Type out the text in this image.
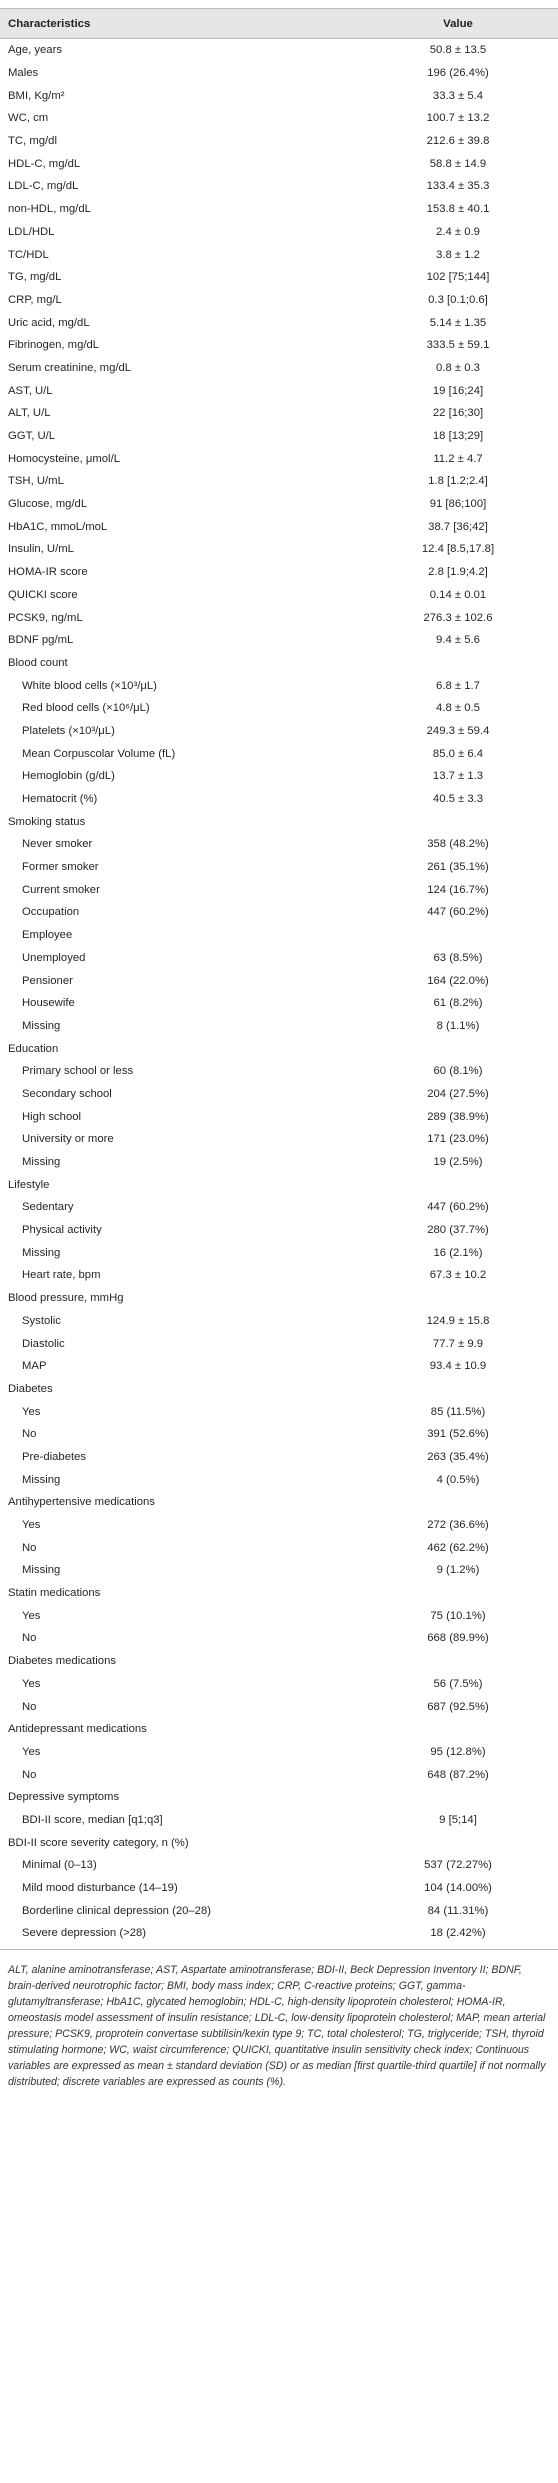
Characteristics	Value
Age, years	50.8 ± 13.5
Males	196 (26.4%)
BMI, Kg/m²	33.3 ± 5.4
WC, cm	100.7 ± 13.2
TC, mg/dl	212.6 ± 39.8
HDL-C, mg/dL	58.8 ± 14.9
LDL-C, mg/dL	133.4 ± 35.3
non-HDL, mg/dL	153.8 ± 40.1
LDL/HDL	2.4 ± 0.9
TC/HDL	3.8 ± 1.2
TG, mg/dL	102 [75;144]
CRP, mg/L	0.3 [0.1;0.6]
Uric acid, mg/dL	5.14 ± 1.35
Fibrinogen, mg/dL	333.5 ± 59.1
Serum creatinine, mg/dL	0.8 ± 0.3
AST, U/L	19 [16;24]
ALT, U/L	22 [16;30]
GGT, U/L	18 [13;29]
Homocysteine, μmol/L	11.2 ± 4.7
TSH, U/mL	1.8 [1.2;2.4]
Glucose, mg/dL	91 [86;100]
HbA1C, mmoL/moL	38.7 [36;42]
Insulin, U/mL	12.4 [8.5,17.8]
HOMA-IR score	2.8 [1.9;4.2]
QUICKI score	0.14 ± 0.01
PCSK9, ng/mL	276.3 ± 102.6
BDNF pg/mL	9.4 ± 5.6
Blood count
White blood cells (×10³/μL)	6.8 ± 1.7
Red blood cells (×10⁶/μL)	4.8 ± 0.5
Platelets (×10³/μL)	249.3 ± 59.4
Mean Corpuscolar Volume (fL)	85.0 ± 6.4
Hemoglobin (g/dL)	13.7 ± 1.3
Hematocrit (%)	40.5 ± 3.3
Smoking status
Never smoker	358 (48.2%)
Former smoker	261 (35.1%)
Current smoker	124 (16.7%)
Occupation	447 (60.2%)
Employee
Unemployed	63 (8.5%)
Pensioner	164 (22.0%)
Housewife	61 (8.2%)
Missing	8 (1.1%)
Education
Primary school or less	60 (8.1%)
Secondary school	204 (27.5%)
High school	289 (38.9%)
University or more	171 (23.0%)
Missing	19 (2.5%)
Lifestyle
Sedentary	447 (60.2%)
Physical activity	280 (37.7%)
Missing	16 (2.1%)
Heart rate, bpm	67.3 ± 10.2
Blood pressure, mmHg
Systolic	124.9 ± 15.8
Diastolic	77.7 ± 9.9
MAP	93.4 ± 10.9
Diabetes
Yes	85 (11.5%)
No	391 (52.6%)
Pre-diabetes	263 (35.4%)
Missing	4 (0.5%)
Antihypertensive medications
Yes	272 (36.6%)
No	462 (62.2%)
Missing	9 (1.2%)
Statin medications
Yes	75 (10.1%)
No	668 (89.9%)
Diabetes medications
Yes	56 (7.5%)
No	687 (92.5%)
Antidepressant medications
Yes	95 (12.8%)
No	648 (87.2%)
Depressive symptoms
BDI-II score, median [q1;q3]	9 [5;14]
BDI-II score severity category, n (%)
Minimal (0–13)	537 (72.27%)
Mild mood disturbance (14–19)	104 (14.00%)
Borderline clinical depression (20–28)	84 (11.31%)
Severe depression (>28)	18 (2.42%)
ALT, alanine aminotransferase; AST, Aspartate aminotransferase; BDI-II, Beck Depression Inventory II; BDNF, brain-derived neurotrophic factor; BMI, body mass index; CRP, C-reactive proteins; GGT, gamma-glutamyltransferase; HbA1C, glycated hemoglobin; HDL-C, high-density lipoprotein cholesterol; HOMA-IR, omeostasis model assessment of insulin resistance; LDL-C, low-density lipoprotein cholesterol; MAP, mean arterial pressure; PCSK9, proprotein convertase subtilisin/kexin type 9; TC, total cholesterol; TG, triglyceride; TSH, thyroid stimulating hormone; WC, waist circumference; QUICKI, quantitative insulin sensitivity check index; Continuous variables are expressed as mean ± standard deviation (SD) or as median [first quartile-third quartile] if not normally distributed; discrete variables are expressed as counts (%).
